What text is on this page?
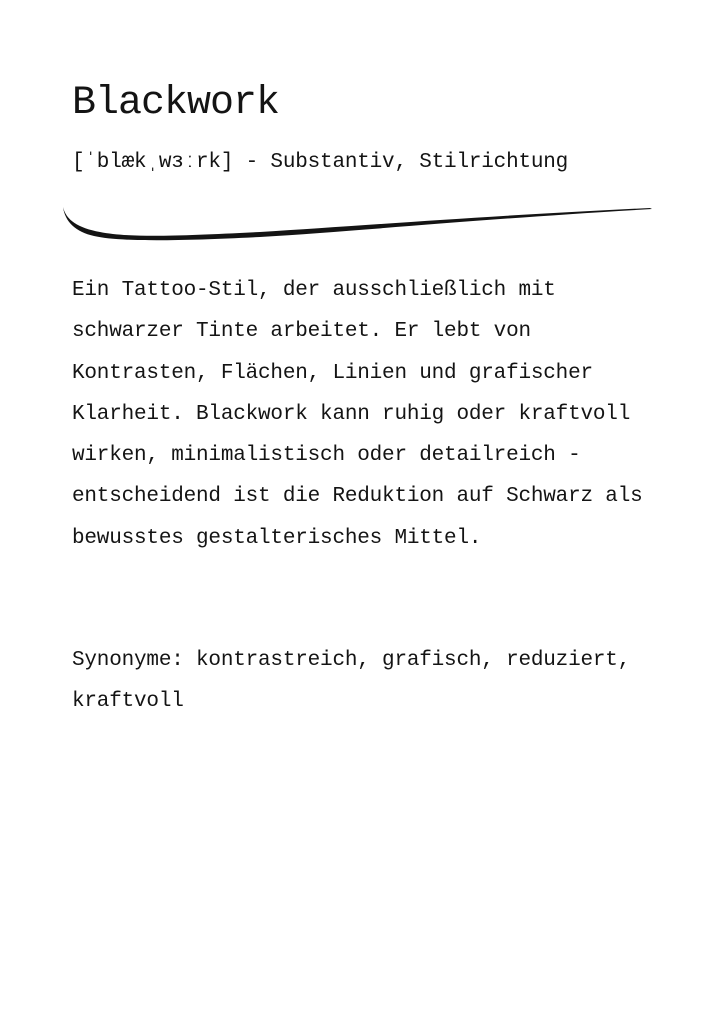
Blackwork

[ˈblækˌwɜːrk] - Substantiv, Stilrichtung

Ein Tattoo-Stil, der ausschließlich mit schwarzer Tinte arbeitet. Er lebt von Kontrasten, Flächen, Linien und grafischer Klarheit. Blackwork kann ruhig oder kraftvoll wirken, minimalistisch oder detailreich - entscheidend ist die Reduktion auf Schwarz als bewusstes gestalterisches Mittel.

Synonyme: kontrastreich, grafisch, reduziert, kraftvoll
